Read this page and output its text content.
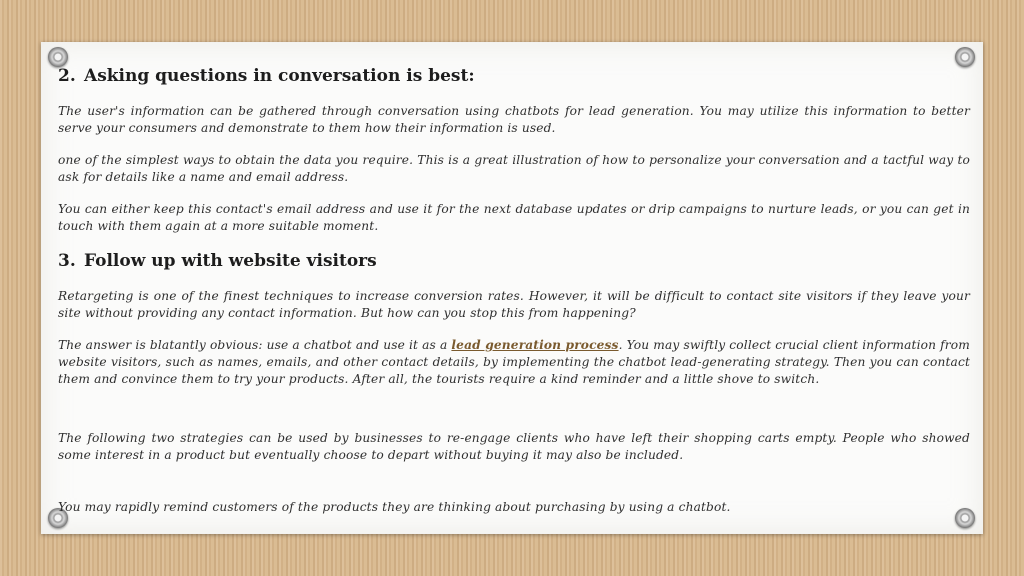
2. Asking questions in conversation is best:

The user's information can be gathered through conversation using chatbots for lead generation. You may utilize this information to better serve your consumers and demonstrate to them how their information is used.

one of the simplest ways to obtain the data you require. This is a great illustration of how to personalize your conversation and a tactful way to ask for details like a name and email address.

You can either keep this contact's email address and use it for the next database updates or drip campaigns to nurture leads, or you can get in touch with them again at a more suitable moment.

3. Follow up with website visitors

Retargeting is one of the finest techniques to increase conversion rates. However, it will be difficult to contact site visitors if they leave your site without providing any contact information. But how can you stop this from happening?

The answer is blatantly obvious: use a chatbot and use it as a lead generation process. You may swiftly collect crucial client information from website visitors, such as names, emails, and other contact details, by implementing the chatbot lead-generating strategy. Then you can contact them and convince them to try your products. After all, the tourists require a kind reminder and a little shove to switch.

The following two strategies can be used by businesses to re-engage clients who have left their shopping carts empty. People who showed some interest in a product but eventually choose to depart without buying it may also be included.

You may rapidly remind customers of the products they are thinking about purchasing by using a chatbot.
